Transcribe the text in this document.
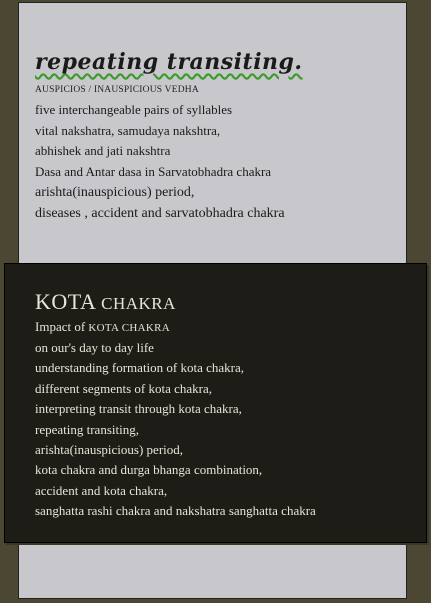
repeating transiting.
AUSPICIOS / INAUSPICIOUS VEDHA
five interchangeable pairs of syllables
vital nakshatra, samudaya nakshtra,
abhishek and jati nakshtra
Dasa and Antar dasa in Sarvatobhadra chakra
arishta(inauspicious) period,
diseases , accident and sarvatobhadra chakra
KOTA CHAKRA
Impact of KOTA CHAKRA
on our's day to day life
understanding formation of kota chakra,
different segments of kota chakra,
interpreting transit through kota chakra,
repeating transiting,
arishta(inauspicious) period,
kota chakra and durga bhanga combination,
accident and kota chakra,
sanghatta rashi chakra and nakshatra sanghatta chakra
